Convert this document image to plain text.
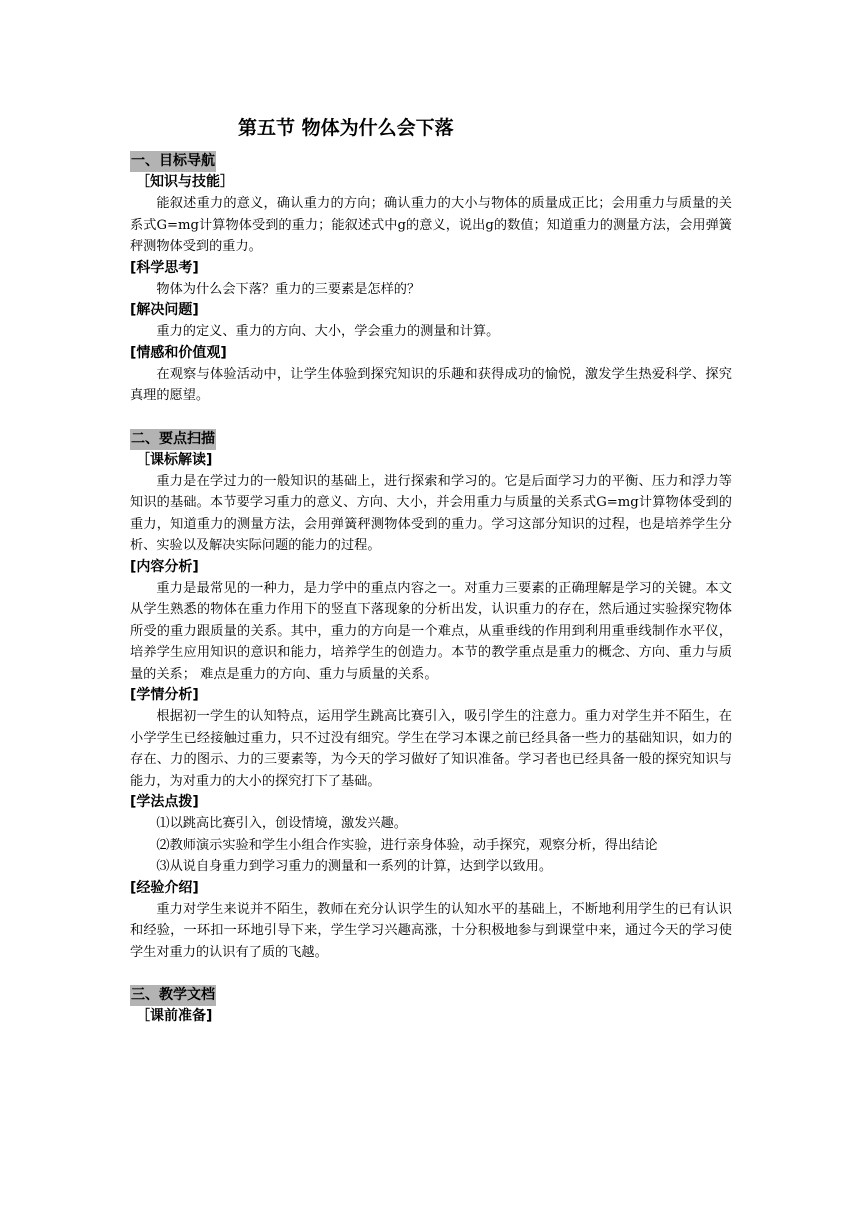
第五节 物体为什么会下落
一、目标导航
［知识与技能］

能叙述重力的意义，确认重力的方向；确认重力的大小与物体的质量成正比；会用重力与质量的关系式G=mg计算物体受到的重力；能叙述式中g的意义，说出g的数值；知道重力的测量方法，会用弹簧秤测物体受到的重力。

[科学思考]

物体为什么会下落？重力的三要素是怎样的？

[解决问题]

重力的定义、重力的方向、大小，学会重力的测量和计算。

[情感和价值观]

在观察与体验活动中，让学生体验到探究知识的乐趣和获得成功的愉悦，激发学生热爱科学、探究真理的愿望。

二、要点扫描
［课标解读]

重力是在学过力的一般知识的基础上，进行探索和学习的。它是后面学习力的平衡、压力和浮力等知识的基础。本节要学习重力的意义、方向、大小，并会用重力与质量的关系式G=mg计算物体受到的重力，知道重力的测量方法，会用弹簧秤测物体受到的重力。学习这部分知识的过程，也是培养学生分析、实验以及解决实际问题的能力的过程。

[内容分析]

重力是最常见的一种力，是力学中的重点内容之一。对重力三要素的正确理解是学习的关键。本文从学生熟悉的物体在重力作用下的竖直下落现象的分析出发，认识重力的存在，然后通过实验探究物体所受的重力跟质量的关系。其中，重力的方向是一个难点，从重垂线的作用到利用重垂线制作水平仪，培养学生应用知识的意识和能力，培养学生的创造力。本节的教学重点是重力的概念、方向、重力与质量的关系； 难点是重力的方向、重力与质量的关系。

[学情分析]

根据初一学生的认知特点，运用学生跳高比赛引入，吸引学生的注意力。重力对学生并不陌生，在小学学生已经接触过重力，只不过没有细究。学生在学习本课之前已经具备一些力的基础知识，如力的存在、力的图示、力的三要素等，为今天的学习做好了知识准备。学习者也已经具备一般的探究知识与能力，为对重力的大小的探究打下了基础。

[学法点拨]

⑴以跳高比赛引入，创设情境，激发兴趣。

⑵教师演示实验和学生小组合作实验，进行亲身体验，动手探究，观察分析，得出结论

⑶从说自身重力到学习重力的测量和一系列的计算，达到学以致用。

[经验介绍]

重力对学生来说并不陌生，教师在充分认识学生的认知水平的基础上，不断地利用学生的已有认识和经验，一环扣一环地引导下来，学生学习兴趣高涨，十分积极地参与到课堂中来，通过今天的学习使学生对重力的认识有了质的飞越。

三、教学文档
［课前准备]
